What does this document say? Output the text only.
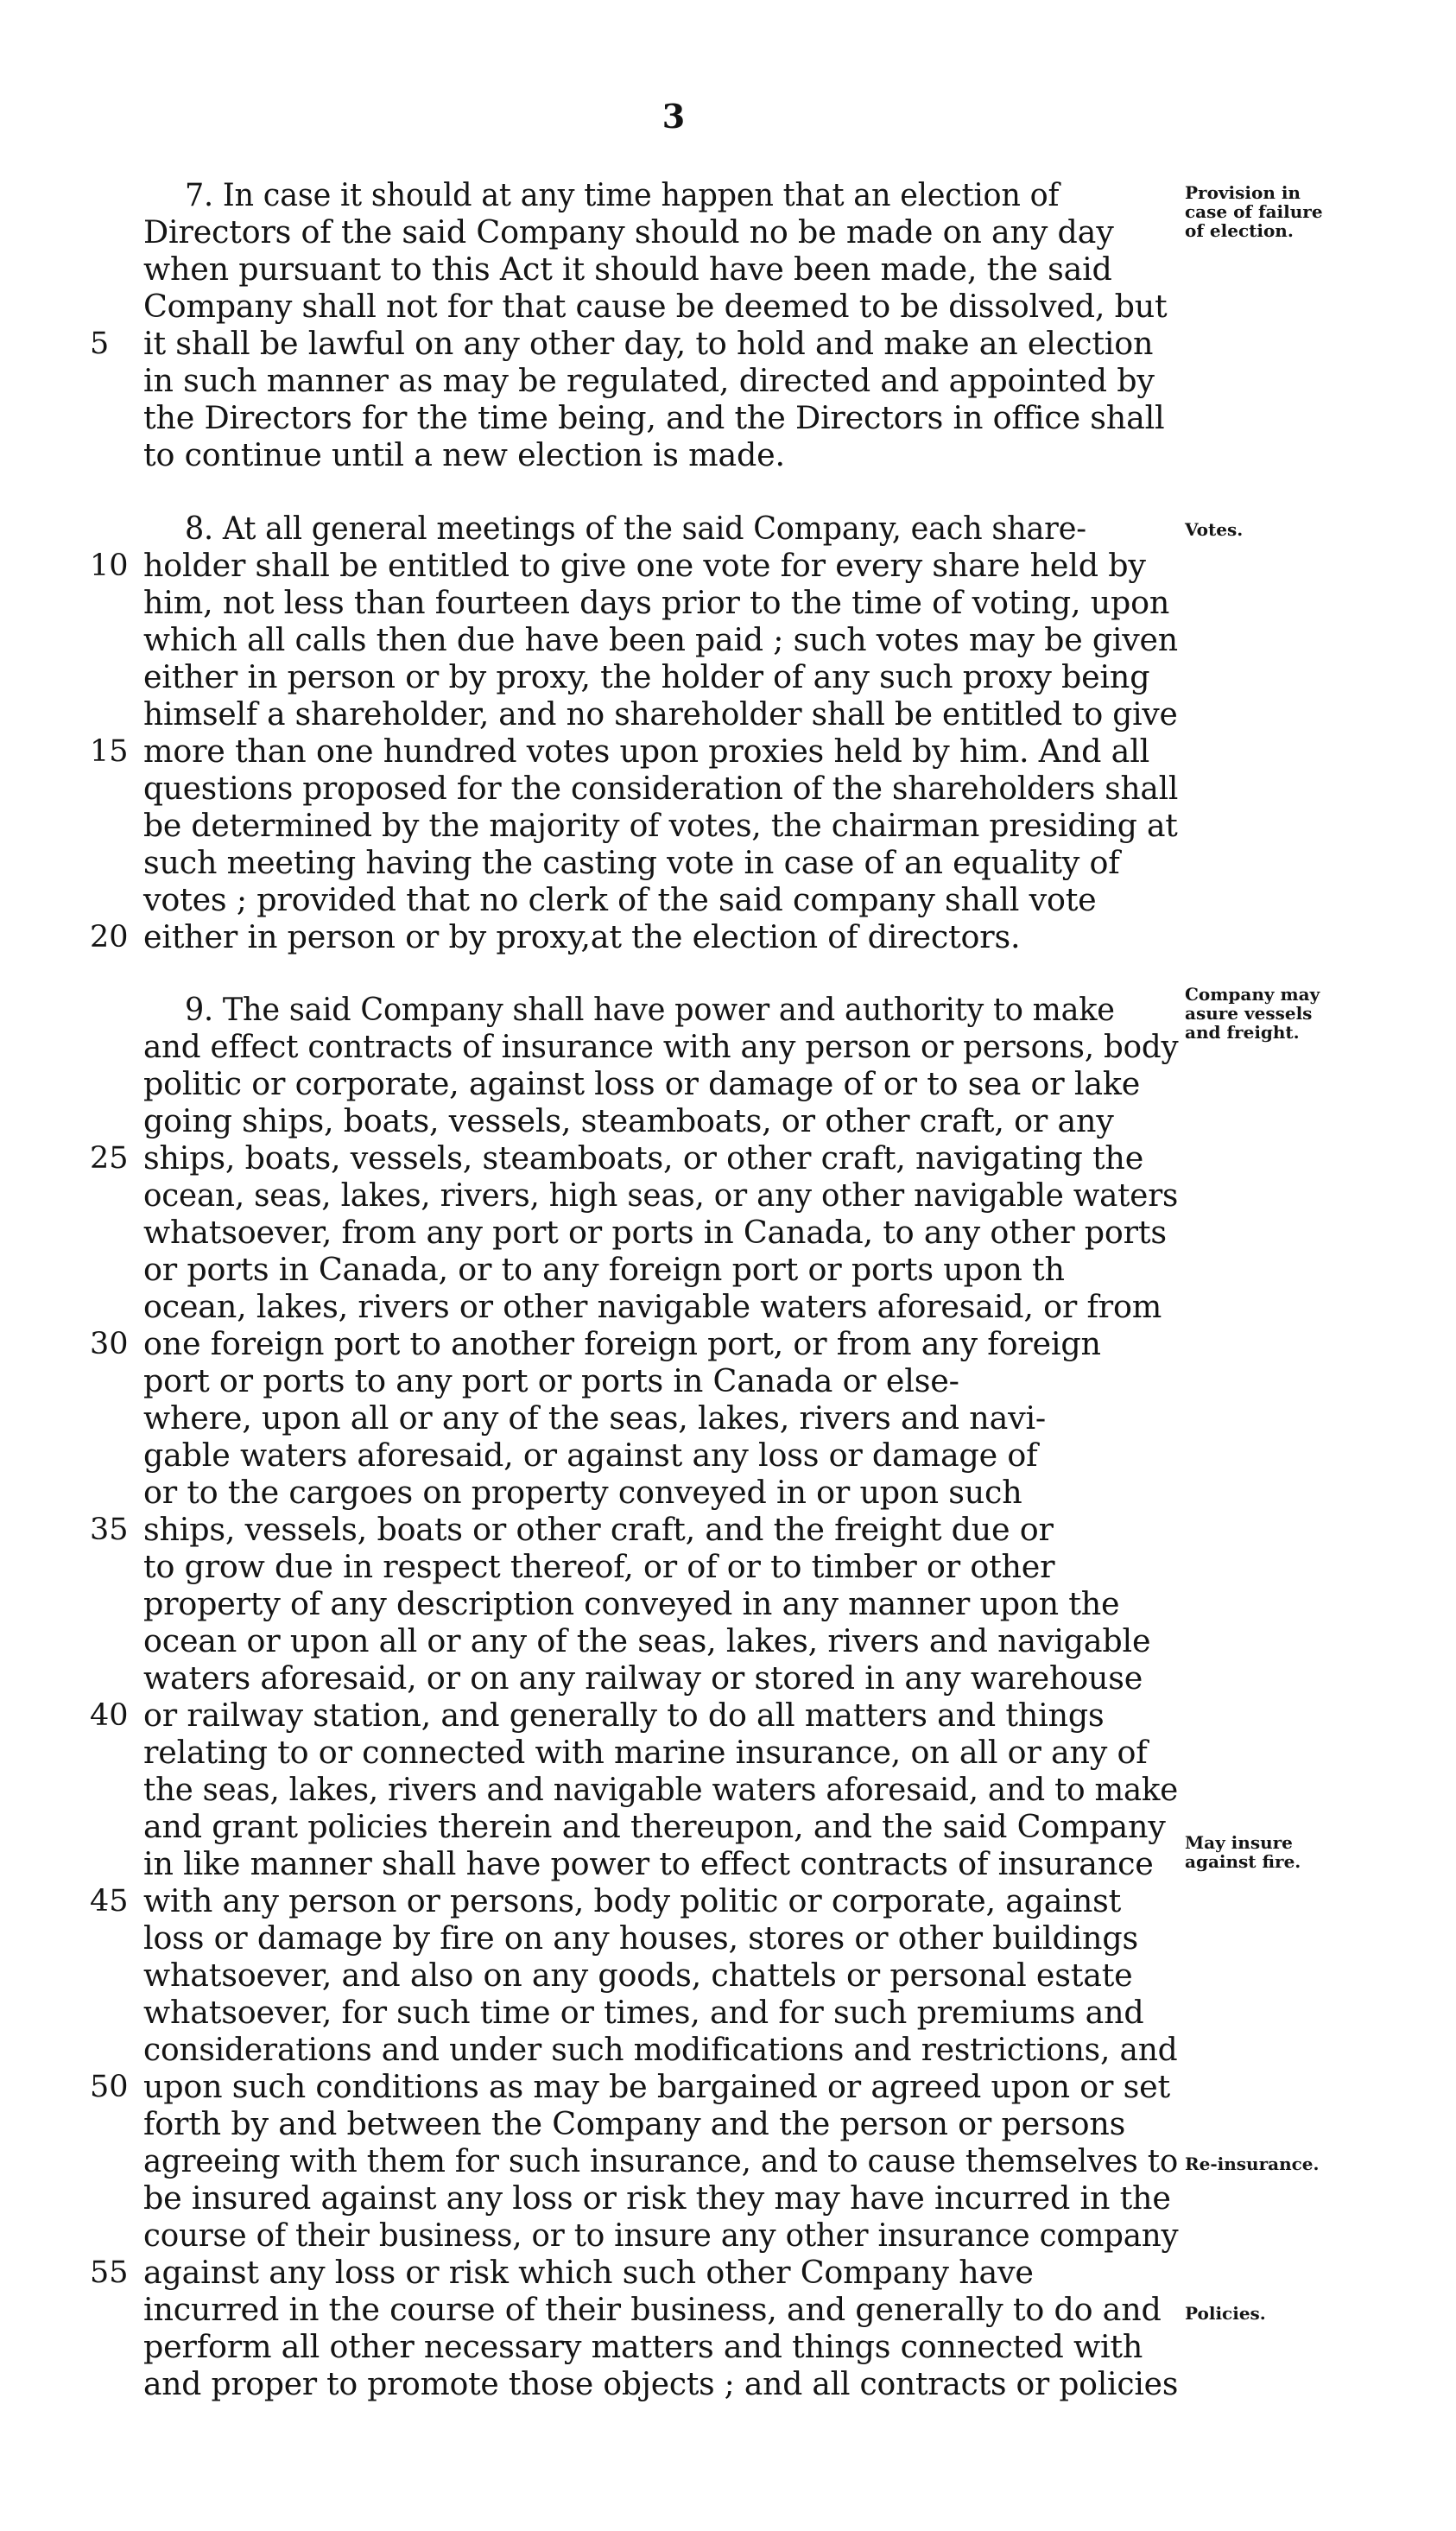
3
7. In case it should at any time happen that an election of
Directors of the said Company should no be made on any day
when pursuant to this Act it should have been made, the said
Company shall not for that cause be deemed to be dissolved, but
5	it shall be lawful on any other day, to hold and make an election
in such manner as may be regulated, directed and appointed by
the Directors for the time being, and the Directors in office shall
to continue until a new election is made.
Provision in
case of failure
of election.
8. At all general meetings of the said Company, each share-
10 holder shall be entitled to give one vote for every share held by
him, not less than fourteen days prior to the time of voting, upon
which all calls then due have been paid ; such votes may be given
either in person or by proxy, the holder of any such proxy being
himself a shareholder, and no shareholder shall be entitled to give
15 more than one hundred votes upon proxies held by him. And all
questions proposed for the consideration of the shareholders shall
be determined by the majority of votes, the chairman presiding at
such meeting having the casting vote in case of an equality of
votes ; provided that no clerk of the said company shall vote
20 either in person or by proxy,at the election of directors.
Votes.
9. The said Company shall have power and authority to make
and effect contracts of insurance with any person or persons, body
politic or corporate, against loss or damage of or to sea or lake
going ships, boats, vessels, steamboats, or other craft, or any
25 ships, boats, vessels, steamboats, or other craft, navigating the
ocean, seas, lakes, rivers, high seas, or any other navigable waters
whatsoever, from any port or ports in Canada, to any other ports
or ports in Canada, or to any foreign port or ports upon th
ocean, lakes, rivers or other navigable waters aforesaid, or from
30 one foreign port to another foreign port, or from any foreign
port or ports to any port or ports in Canada or else-
where, upon all or any of the seas, lakes, rivers and navi-
gable waters aforesaid, or against any loss or damage of
or to the cargoes on property conveyed in or upon such
35 ships, vessels, boats or other craft, and the freight due or
to grow due in respect thereof, or of or to timber or other
property of any description conveyed in any manner upon the
ocean or upon all or any of the seas, lakes, rivers and navigable
waters aforesaid, or on any railway or stored in any warehouse
40 or railway station, and generally to do all matters and things
relating to or connected with marine insurance, on all or any of
the seas, lakes, rivers and navigable waters aforesaid, and to make
and grant policies therein and thereupon, and the said Company
in like manner shall have power to effect contracts of insurance
45 with any person or persons, body politic or corporate, against
loss or damage by fire on any houses, stores or other buildings
whatsoever, and also on any goods, chattels or personal estate
whatsoever, for such time or times, and for such premiums and
considerations and under such modifications and restrictions, and
50 upon such conditions as may be bargained or agreed upon or set
forth by and between the Company and the person or persons
agreeing with them for such insurance, and to cause themselves to
be insured against any loss or risk they may have incurred in the
course of their business, or to insure any other insurance company
55 against any loss or risk which such other Company have
incurred in the course of their business, and generally to do and
perform all other necessary matters and things connected with
and proper to promote those objects ; and all contracts or policies
Company may
asure vessels
and freight.
May insure
against fire.
Re-insurance.
Policies.
